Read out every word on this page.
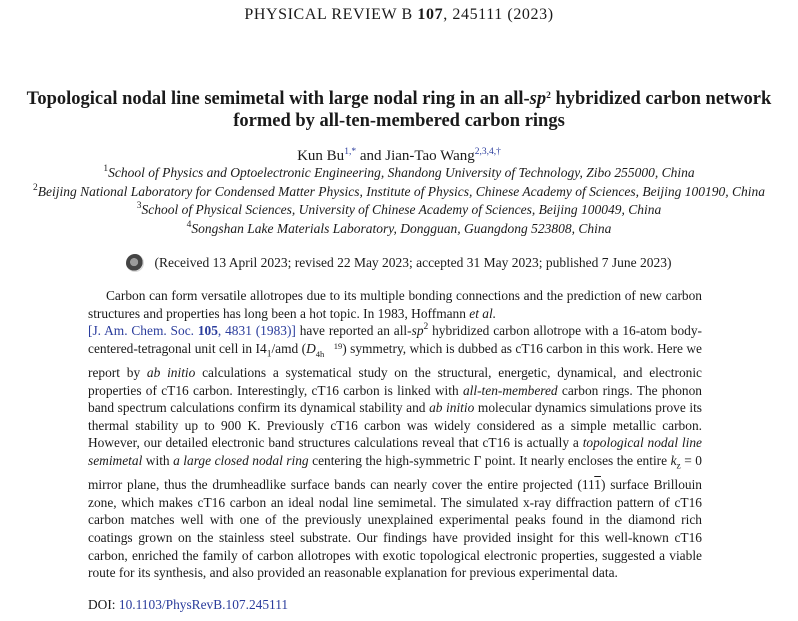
PHYSICAL REVIEW B 107, 245111 (2023)
Topological nodal line semimetal with large nodal ring in an all-$sp^2$ hybridized carbon network
formed by all-ten-membered carbon rings
Kun Bu$^{1,*}$ and Jian-Tao Wang$^{2,3,4,\dagger}$
$^1$School of Physics and Optoelectronic Engineering, Shandong University of Technology, Zibo 255000, China
$^2$Beijing National Laboratory for Condensed Matter Physics, Institute of Physics, Chinese Academy of Sciences, Beijing 100190, China
$^3$School of Physical Sciences, University of Chinese Academy of Sciences, Beijing 100049, China
$^4$Songshan Lake Materials Laboratory, Dongguan, Guangdong 523808, China
(Received 13 April 2023; revised 22 May 2023; accepted 31 May 2023; published 7 June 2023)
Carbon can form versatile allotropes due to its multiple bonding connections and the prediction of new carbon structures and properties has long been a hot topic. In 1983, Hoffmann et al.
[J. Am. Chem. Soc. 105, 4831 (1983)] have reported an all-$sp^2$ hybridized carbon allotrope with a 16-atom body-centered-tetragonal unit cell in $I4_1$/amd (D 19
4h ) symmetry, which is dubbed as cT16 carbon in this work. Here we report by ab initio calculations a systematical study on the structural, energetic, dynamical, and electronic properties of cT16 carbon. Interestingly, cT16 carbon is linked with all-ten-membered carbon rings. The phonon band spectrum calculations confirm its dynamical stability and ab initio molecular dynamics simulations prove its thermal stability up to 900 K. Previously cT16 carbon was widely considered as a simple metallic carbon. However, our detailed electronic band structures calculations reveal that cT16 is actually a topological nodal line semimetal with a large closed nodal ring centering the high-symmetric Γ point. It nearly encloses the entire $k_z = 0$ mirror plane, thus the drumheadlike surface bands can nearly cover the entire projected (111) surface Brillouin zone, which makes cT16 carbon an ideal nodal line semimetal. The simulated x-ray diffraction pattern of cT16 carbon matches well with one of the previously unexplained experimental peaks found in the diamond rich coatings grown on the stainless steel substrate. Our findings have provided insight for this well-known cT16 carbon, enriched the family of carbon allotropes with exotic topological electronic properties, suggested a viable route for its synthesis, and also provided an reasonable explanation for previous experimental data.
DOI: 10.1103/PhysRevB.107.245111
